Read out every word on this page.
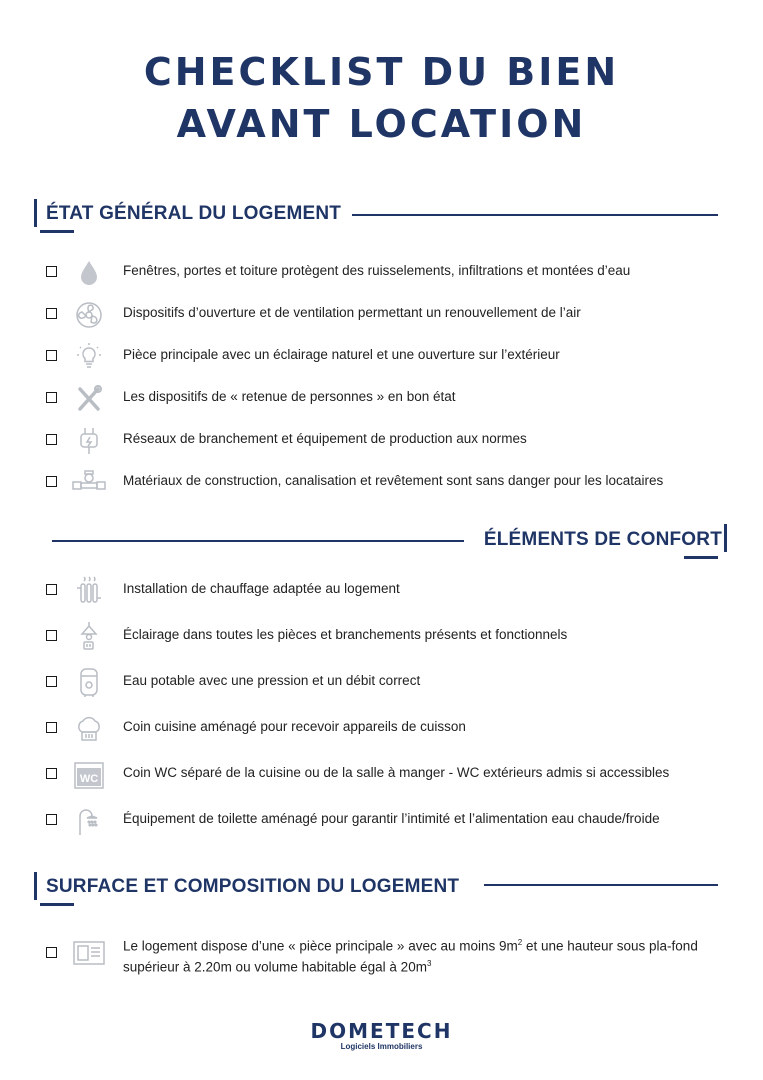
CHECKLIST DU BIEN
AVANT LOCATION
ÉTAT GÉNÉRAL DU LOGEMENT
Fenêtres, portes et toiture protègent des ruisselements, infiltrations et montées d’eau
Dispositifs d’ouverture et de ventilation permettant un renouvellement de l’air
Pièce principale avec un éclairage naturel et une ouverture sur l’extérieur
Les dispositifs de « retenue de personnes » en bon état
Réseaux de branchement et équipement de production aux normes
Matériaux de construction, canalisation et revêtement sont sans danger pour les locataires
ÉLÉMENTS DE CONFORT
Installation de chauffage adaptée au logement
Éclairage dans toutes les pièces et branchements présents et fonctionnels
Eau potable avec une pression et un débit correct
Coin cuisine aménagé pour recevoir appareils de cuisson
WC Coin WC séparé de la cuisine ou de la salle à manger - WC extérieurs admis si accessibles
Équipement de toilette aménagé pour garantir l’intimité et l’alimentation eau chaude/froide
SURFACE ET COMPOSITION DU LOGEMENT
Le logement dispose d’une « pièce principale » avec au moins $9m^2$ et une hauteur sous pla-fond supérieur à 2.20m ou volume habitable égal à $20m^3$
DOMETECH
Logiciels Immobiliers
